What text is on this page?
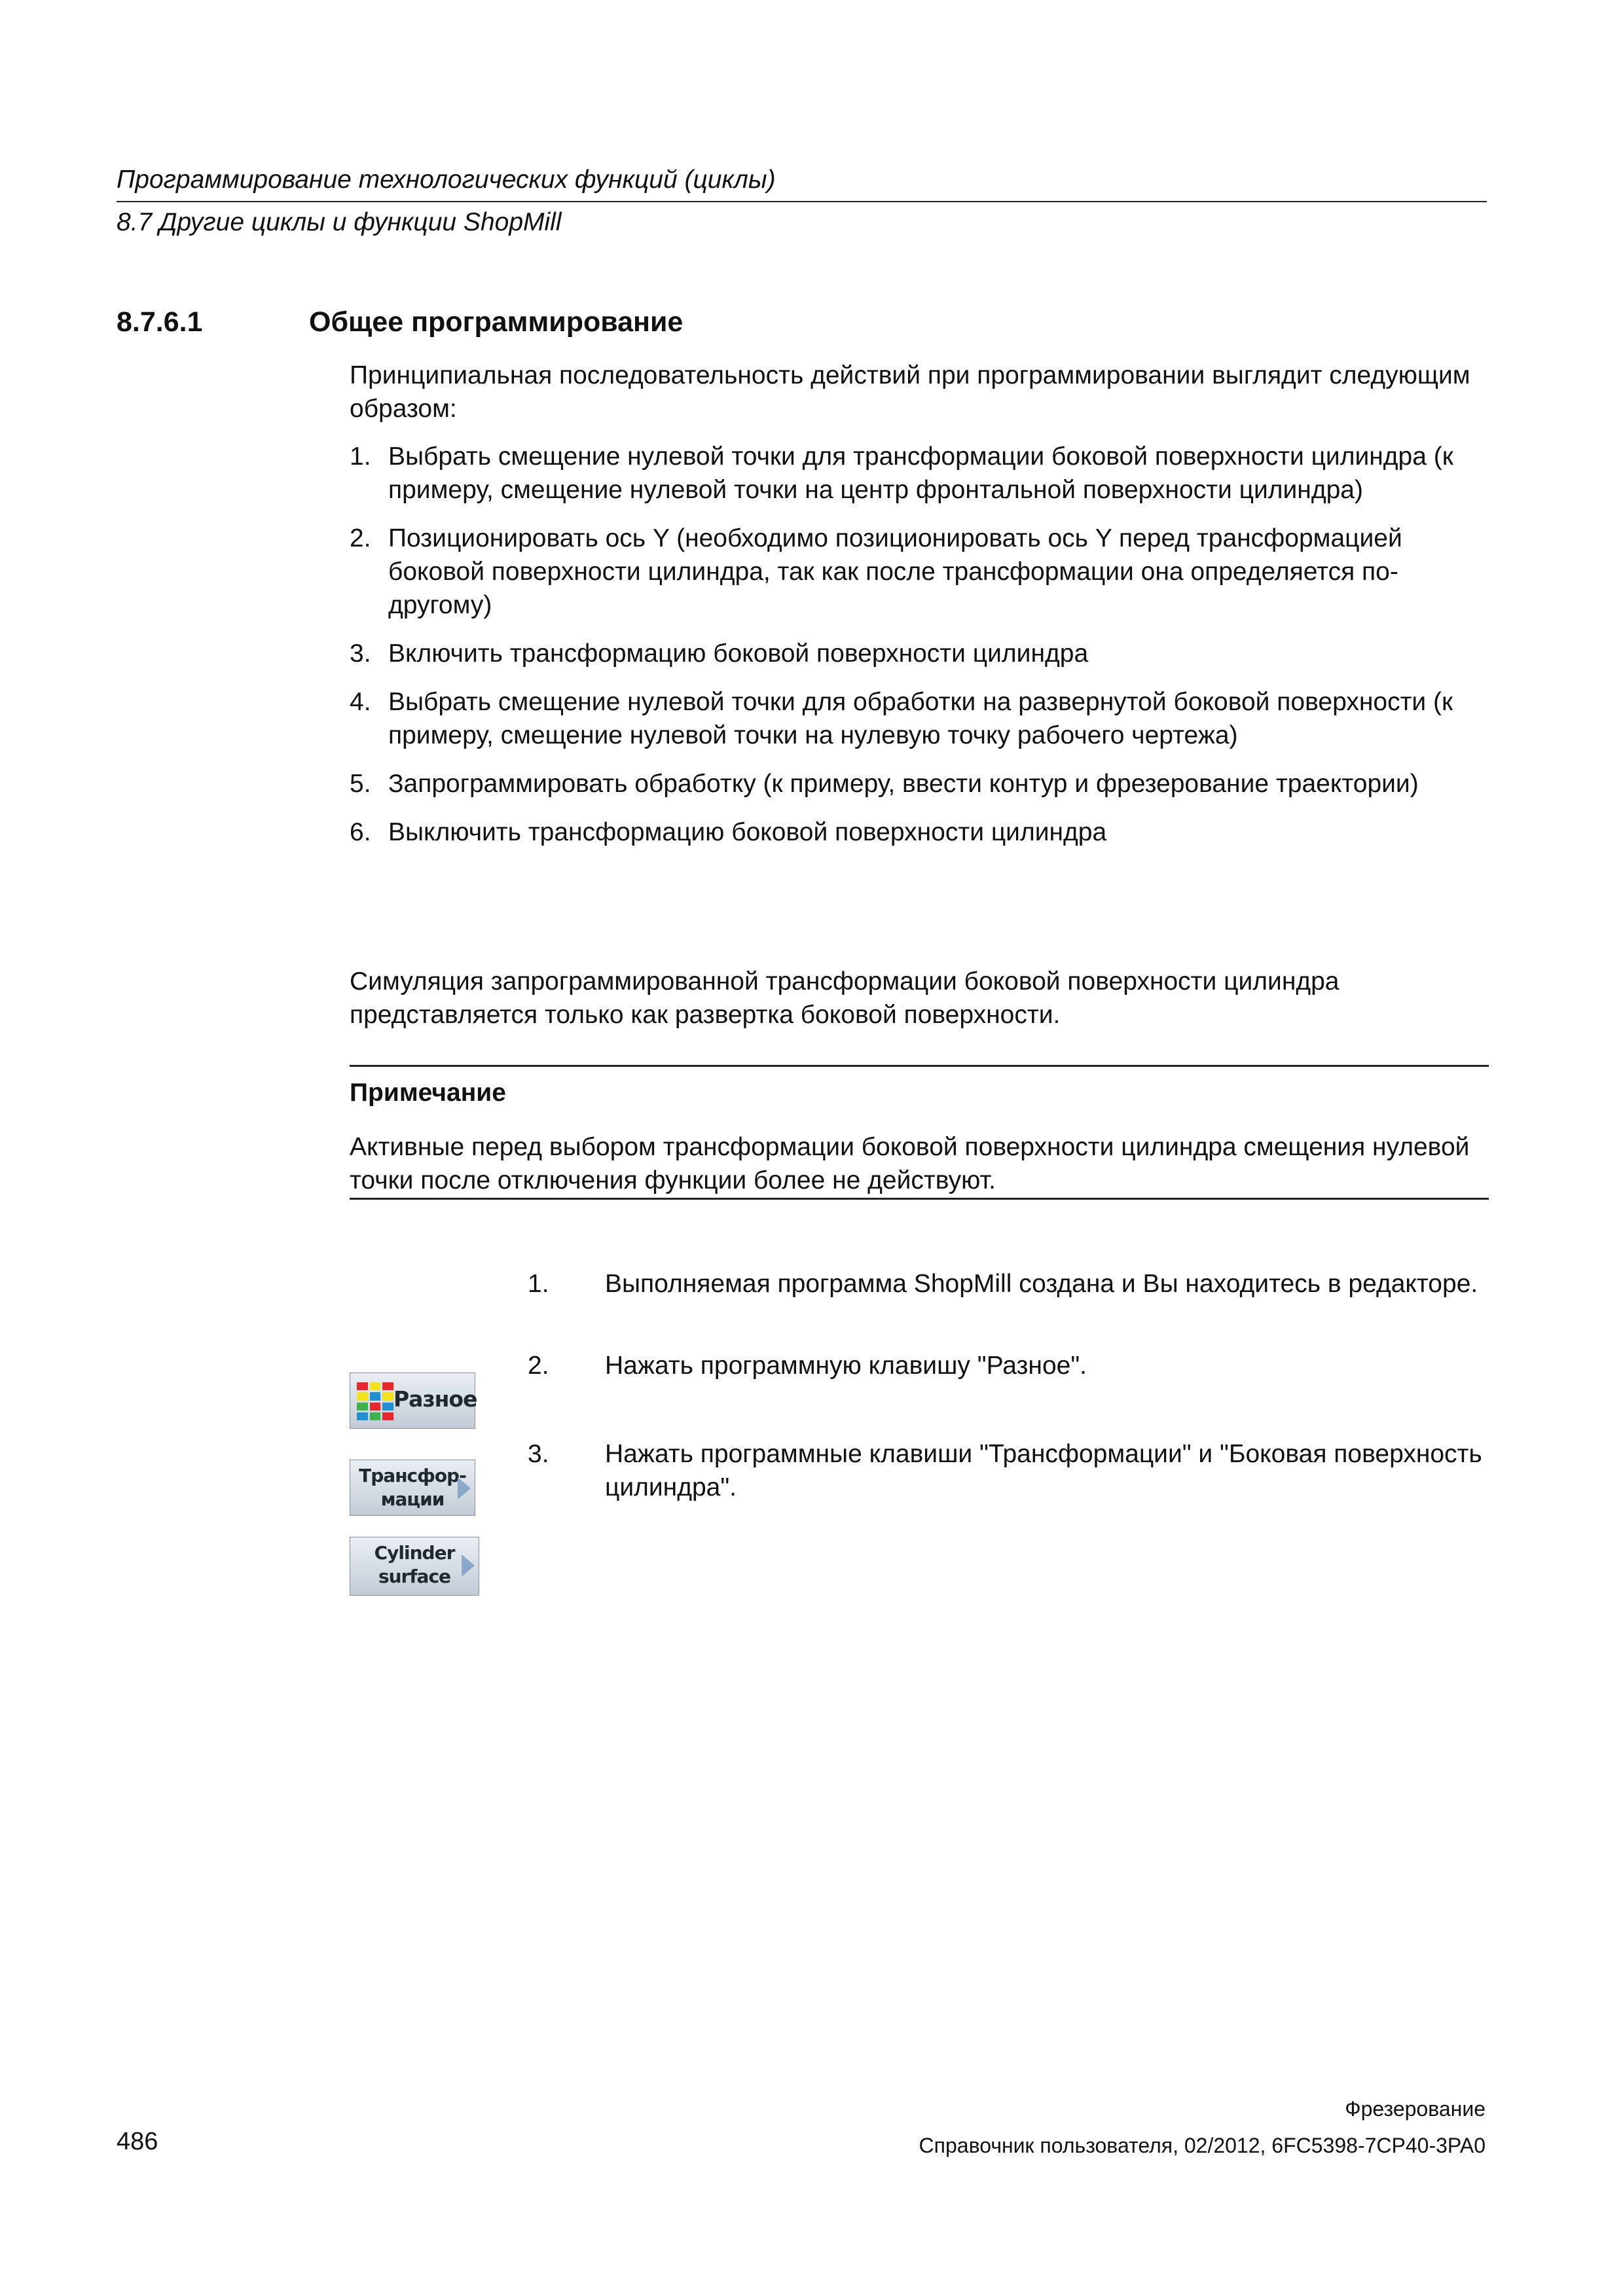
Программирование технологических функций (циклы)
8.7 Другие циклы и функции ShopMill
8.7.6.1	Общее программирование
Принципиальная последовательность действий при программировании выглядит следующим образом:
1. Выбрать смещение нулевой точки для трансформации боковой поверхности цилиндра (к примеру, смещение нулевой точки на центр фронтальной поверхности цилиндра)
2. Позиционировать ось Y (необходимо позиционировать ось Y перед трансформацией боковой поверхности цилиндра, так как после трансформации она определяется по-другому)
3. Включить трансформацию боковой поверхности цилиндра
4. Выбрать смещение нулевой точки для обработки на развернутой боковой поверхности (к примеру, смещение нулевой точки на нулевую точку рабочего чертежа)
5. Запрограммировать обработку (к примеру, ввести контур и фрезерование траектории)
6. Выключить трансформацию боковой поверхности цилиндра
Симуляция запрограммированной трансформации боковой поверхности цилиндра представляется только как развертка боковой поверхности.
Примечание
Активные перед выбором трансформации боковой поверхности цилиндра смещения нулевой точки после отключения функции более не действуют.
1. Выполняемая программа ShopMill создана и Вы находитесь в редакторе.
2. Нажать программную клавишу "Разное".
3. Нажать программные клавиши "Трансформации" и "Боковая поверхность цилиндра".
Разное
Трансфор-
мации
Cylinder
surface
Фрезерование
486	Справочник пользователя, 02/2012, 6FC5398-7CP40-3PA0
